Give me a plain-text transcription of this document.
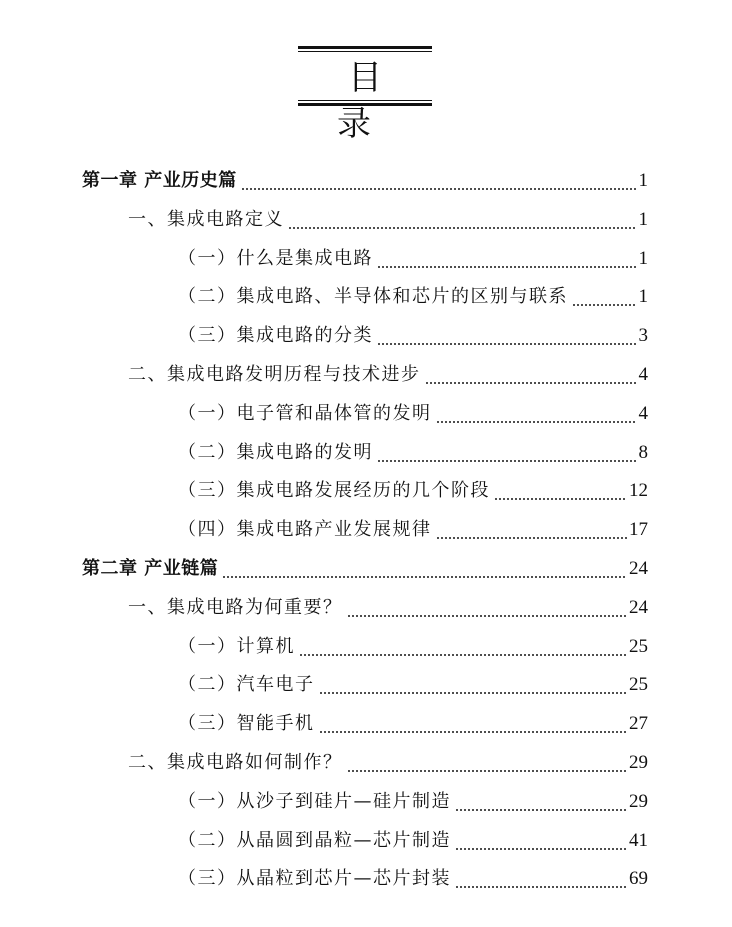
目 录
第一章 产业历史篇	1
一、集成电路定义	1
（一）什么是集成电路	1
（二）集成电路、半导体和芯片的区别与联系	1
（三）集成电路的分类	3
二、集成电路发明历程与技术进步	4
（一）电子管和晶体管的发明	4
（二）集成电路的发明	8
（三）集成电路发展经历的几个阶段	12
（四）集成电路产业发展规律	17
第二章 产业链篇	24
一、集成电路为何重要？	24
（一）计算机	25
（二）汽车电子	25
（三）智能手机	27
二、集成电路如何制作？	29
（一）从沙子到硅片—硅片制造	29
（二）从晶圆到晶粒—芯片制造	41
（三）从晶粒到芯片—芯片封装	69
